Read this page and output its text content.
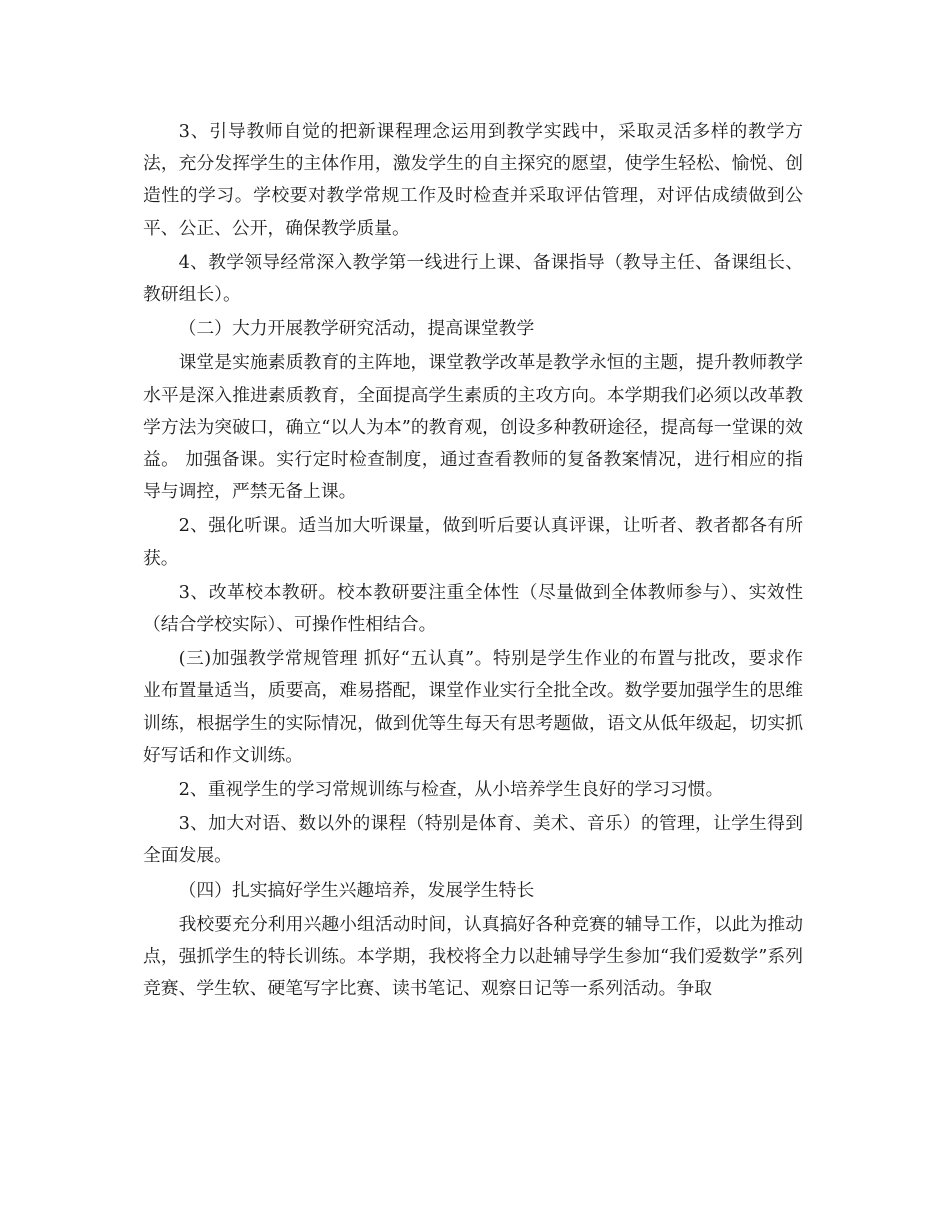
3、引导教师自觉的把新课程理念运用到教学实践中，采取灵活多样的教学方法，充分发挥学生的主体作用，激发学生的自主探究的愿望，使学生轻松、愉悦、创造性的学习。学校要对教学常规工作及时检查并采取评估管理，对评估成绩做到公平、公正、公开，确保教学质量。

4、教学领导经常深入教学第一线进行上课、备课指导（教导主任、备课组长、教研组长）。

（二）大力开展教学研究活动，提高课堂教学

课堂是实施素质教育的主阵地，课堂教学改革是教学永恒的主题，提升教师教学水平是深入推进素质教育，全面提高学生素质的主攻方向。本学期我们必须以改革教学方法为突破口，确立“以人为本”的教育观，创设多种教研途径，提高每一堂课的效益。 加强备课。实行定时检查制度，通过查看教师的复备教案情况，进行相应的指导与调控，严禁无备上课。

2、强化听课。适当加大听课量，做到听后要认真评课，让听者、教者都各有所获。

3、改革校本教研。校本教研要注重全体性（尽量做到全体教师参与）、实效性（结合学校实际）、可操作性相结合。

(三)加强教学常规管理 抓好“五认真”。特别是学生作业的布置与批改，要求作业布置量适当，质要高，难易搭配，课堂作业实行全批全改。数学要加强学生的思维训练，根据学生的实际情况，做到优等生每天有思考题做，语文从低年级起，切实抓好写话和作文训练。

2、重视学生的学习常规训练与检查，从小培养学生良好的学习习惯。

3、加大对语、数以外的课程（特别是体育、美术、音乐）的管理，让学生得到全面发展。

（四）扎实搞好学生兴趣培养，发展学生特长

我校要充分利用兴趣小组活动时间，认真搞好各种竞赛的辅导工作，以此为推动点，强抓学生的特长训练。本学期，我校将全力以赴辅导学生参加“我们爱数学”系列竞赛、学生软、硬笔写字比赛、读书笔记、观察日记等一系列活动。争取
